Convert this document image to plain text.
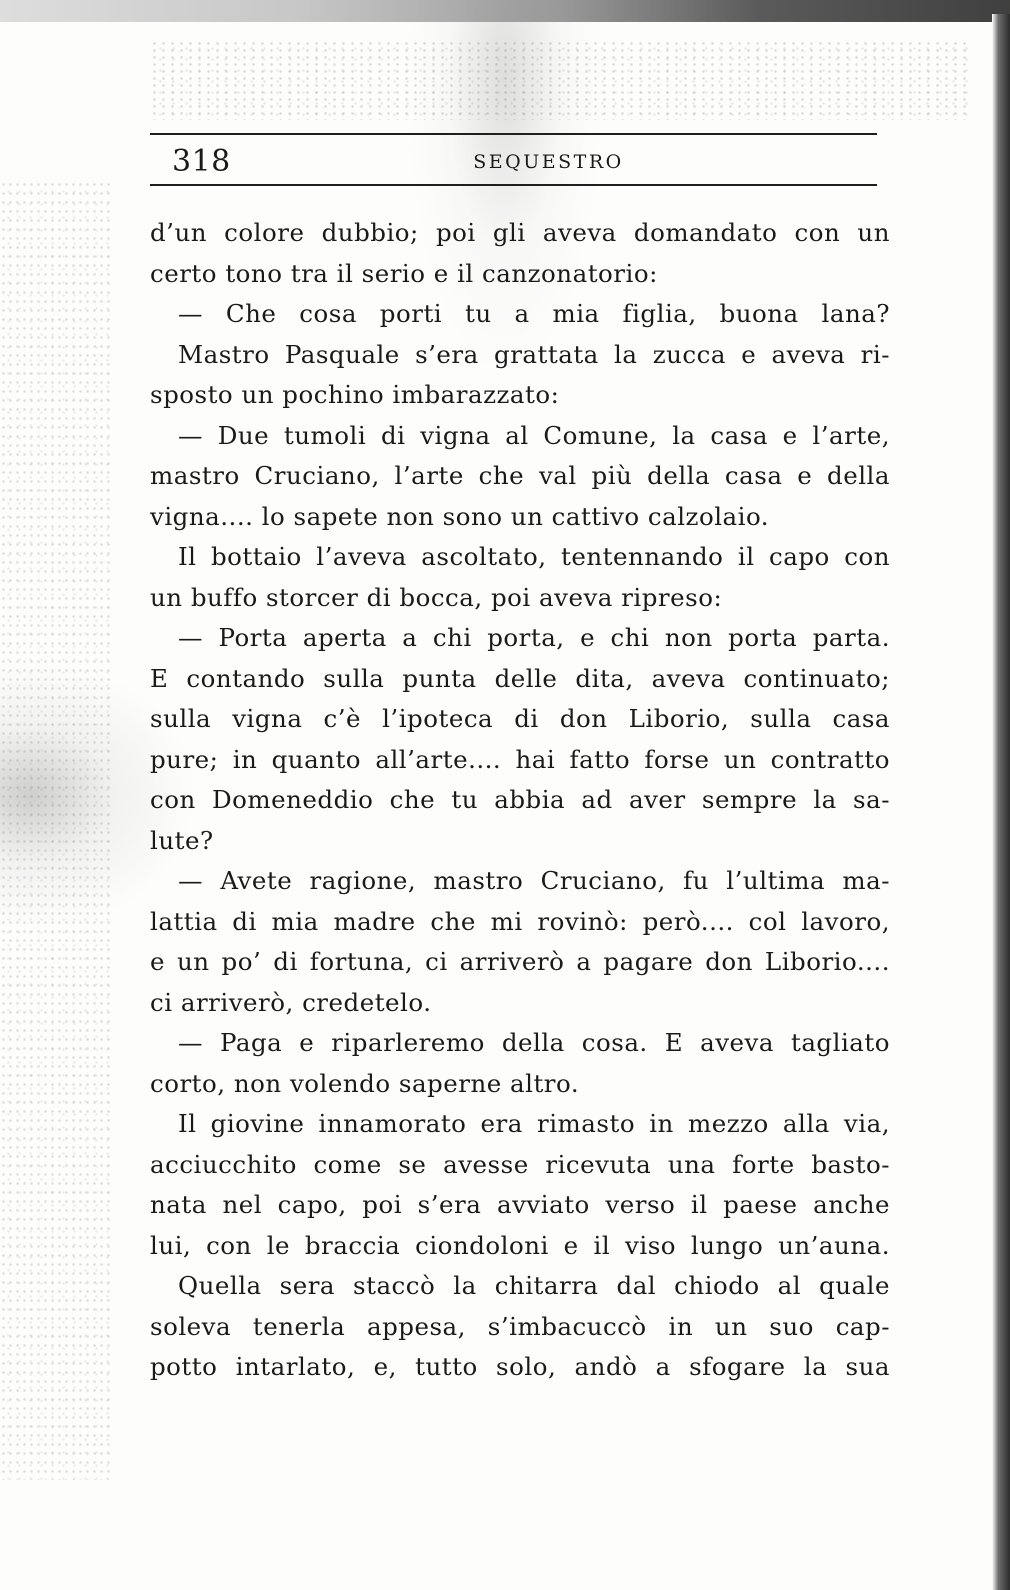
SEQUESTRO
318
d’un colore dubbio; poi gli aveva domandato con un
certo tono tra il serio e il canzonatorio:
— Che cosa porti tu a mia figlia, buona lana?
Mastro Pasquale s’era grattata la zucca e aveva ri-
sposto un pochino imbarazzato:
— Due tumoli di vigna al Comune, la casa e l’arte,
mastro Cruciano, l’arte che val più della casa e della
vigna.... lo sapete non sono un cattivo calzolaio.
Il bottaio l’aveva ascoltato, tentennando il capo con
un buffo storcer di bocca, poi aveva ripreso:
— Porta aperta a chi porta, e chi non porta parta.
E contando sulla punta delle dita, aveva continuato;
sulla vigna c’è l’ipoteca di don Liborio, sulla casa
pure; in quanto all’arte.... hai fatto forse un contratto
con Domeneddio che tu abbia ad aver sempre la sa-
lute?
— Avete ragione, mastro Cruciano, fu l’ultima ma-
lattia di mia madre che mi rovinò: però.... col lavoro,
e un po’ di fortuna, ci arriverò a pagare don Liborio....
ci arriverò, credetelo.
— Paga e riparleremo della cosa. E aveva tagliato
corto, non volendo saperne altro.
Il giovine innamorato era rimasto in mezzo alla via,
acciucchito come se avesse ricevuta una forte basto-
nata nel capo, poi s’era avviato verso il paese anche
lui, con le braccia ciondoloni e il viso lungo un’auna.
Quella sera staccò la chitarra dal chiodo al quale
soleva tenerla appesa, s’imbacuccò in un suo cap-
potto intarlato, e, tutto solo, andò a sfogare la sua
